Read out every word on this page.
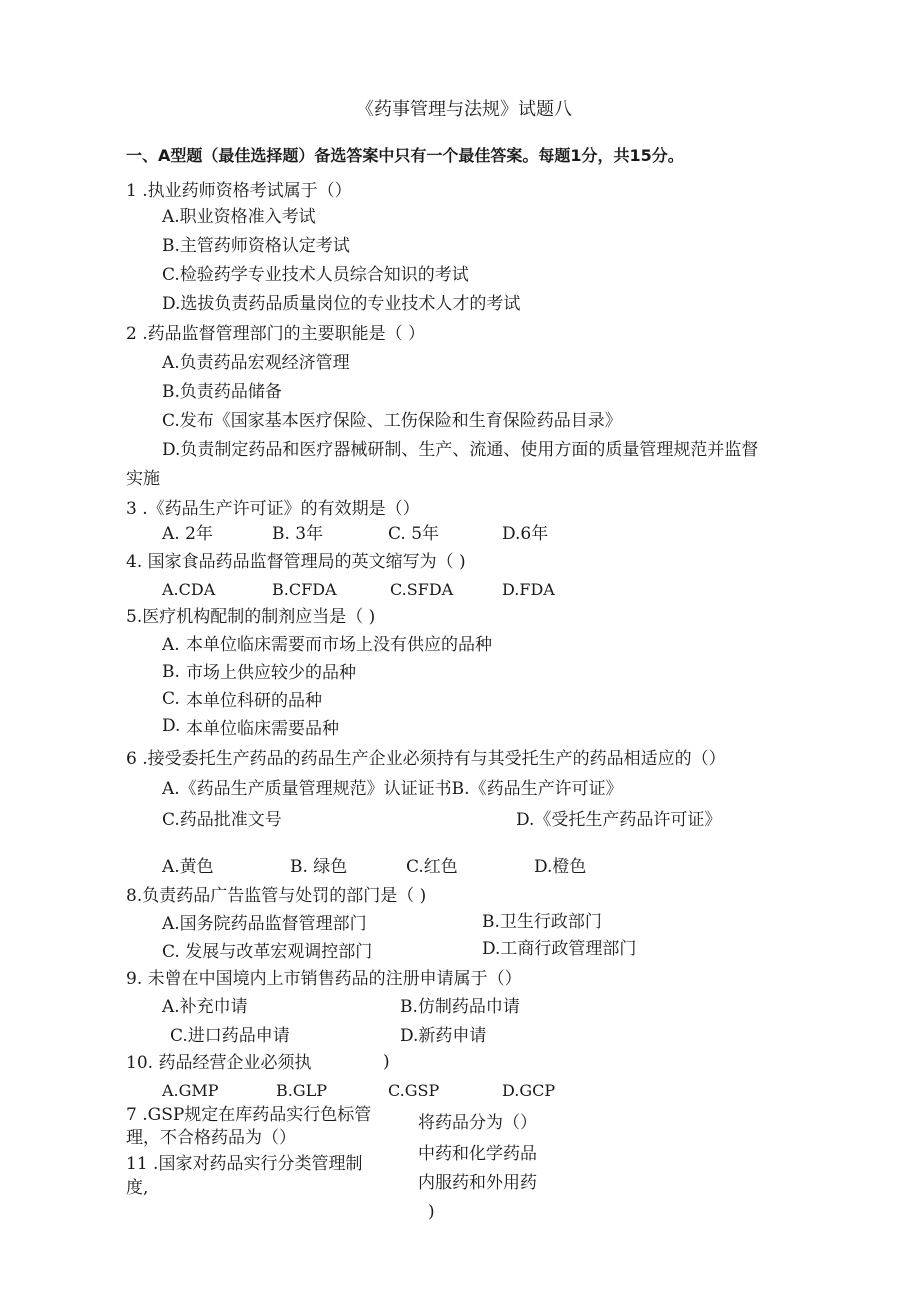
《药事管理与法规》试题八
一、A型题（最佳选择题）备选答案中只有一个最佳答案。每题1分，共15分。
1 .执业药师资格考试属于（）
A.职业资格准入考试
B.主管药师资格认定考试
C.检验药学专业技术人员综合知识的考试
D.选拔负责药品质量岗位的专业技术人才的考试
2 .药品监督管理部门的主要职能是（ ）
A.负责药品宏观经济管理
B.负责药品储备
C.发布《国家基本医疗保险、工伤保险和生育保险药品目录》
D.负责制定药品和医疗器械研制、生产、流通、使用方面的质量管理规范并监督
实施
3 .《药品生产许可证》的有效期是（）
A. 2年	B. 3年	C. 5年	D.6年
4. 国家食品药品监督管理局的英文缩写为（ )
A.CDA	B.CFDA	C.SFDA	D.FDA
5.医疗机构配制的制剂应当是（ )
A. 本单位临床需要而市场上没有供应的品种
B. 市场上供应较少的品种
C. 本单位科研的品种
D. 本单位临床需要品种
6 .接受委托生产药品的药品生产企业必须持有与其受托生产的药品相适应的（）
A.《药品生产质量管理规范》认证证书B.《药品生产许可证》
C.药品批准文号	D.《受托生产药品许可证》
A.黄色	B. 绿色	C.红色	D.橙色
8.负责药品广告监管与处罚的部门是（ )
A.国务院药品监督管理部门	B.卫生行政部门
C. 发展与改革宏观调控部门	D.工商行政管理部门
9. 未曾在中国境内上市销售药品的注册申请属于（）
A.补充巾请	B.仿制药品巾请
C.进口药品申请	D.新药申请
10. 药品经营企业必须执	)
A.GMP	B.GLP	C.GSP	D.GCP
7 .GSP规定在库药品实行色标管
理，不合格药品为（）
11 .国家对药品实行分类管理制
度,
将药品分为（）
中药和化学药品
内服药和外用药
)
